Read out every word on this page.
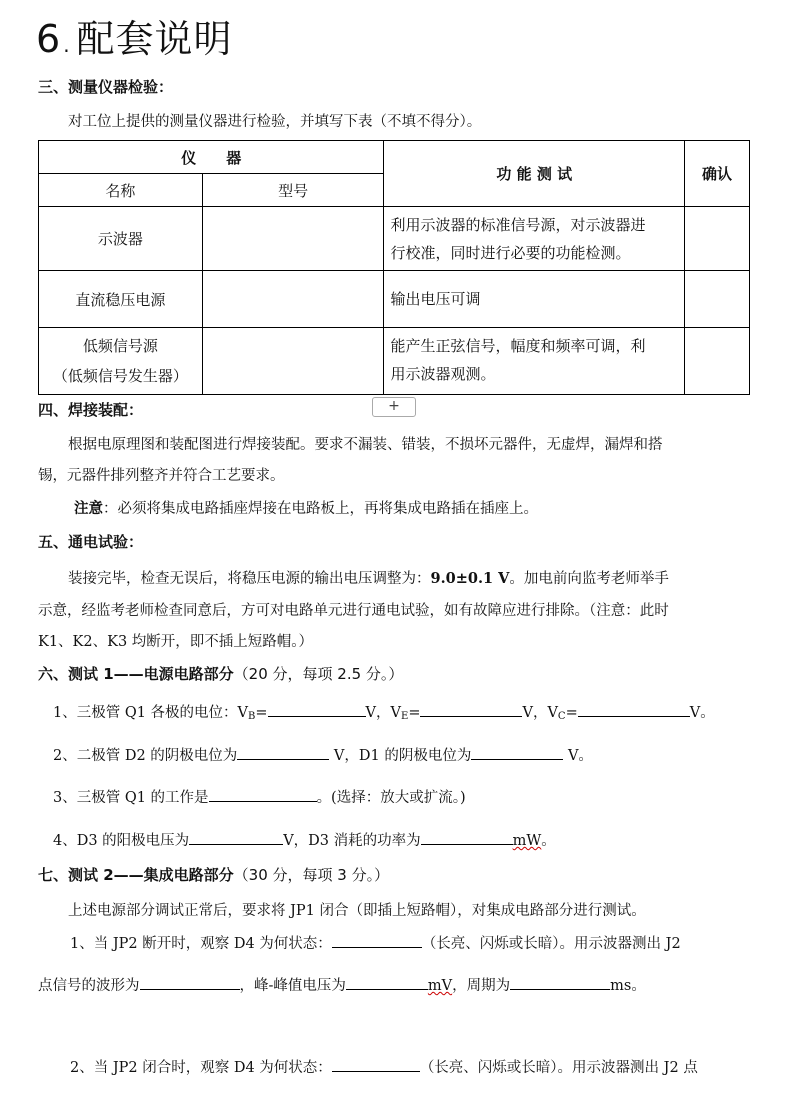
6 . 配套说明
三、测量仪器检验：
对工位上提供的测量仪器进行检验，并填写下表（不填不得分）。
仪　　器		功 能 测 试	确认
名称	型号		
示波器		利用示波器的标准信号源，对示波器进
行校准，同时进行必要的功能检测。	
直流稳压电源		输出电压可调	
低频信号源
（低频信号发生器）		能产生正弦信号，幅度和频率可调，利
用示波器观测。	
+
四、焊接装配：
根据电原理图和装配图进行焊接装配。要求不漏装、错装，不损坏元器件，无虚焊，漏焊和搭
锡，元器件排列整齐并符合工艺要求。
注意：必须将集成电路插座焊接在电路板上，再将集成电路插在插座上。
五、通电试验：
装接完毕，检查无误后，将稳压电源的输出电压调整为：9.0±0.1 V。加电前向监考老师举手
示意，经监考老师检查同意后，方可对电路单元进行通电试验，如有故障应进行排除。（注意：此时
K1、K2、K3 均断开，即不插上短路帽。）
六、测试 1——电源电路部分（20 分，每项 2.5 分。）
1、三极管 Q1 各极的电位：$V_B=$	V，$V_E=$	V，$V_C=$	V。
2、二极管 D2 的阴极电位为	V，D1 的阴极电位为	V。
3、三极管 Q1 的工作是	。(选择：放大或扩流。)
4、D3 的阳极电压为	V，D3 消耗的功率为	mW。
七、测试 2——集成电路部分（30 分，每项 3 分。）
上述电源部分调试正常后，要求将 JP1 闭合（即插上短路帽），对集成电路部分进行测试。
1、当 JP2 断开时，观察 D4 为何状态：	（长亮、闪烁或长暗）。用示波器测出 J2
点信号的波形为	，峰-峰值电压为	mV，周期为	ms。
2、当 JP2 闭合时，观察 D4 为何状态：	（长亮、闪烁或长暗）。用示波器测出 J2 点
